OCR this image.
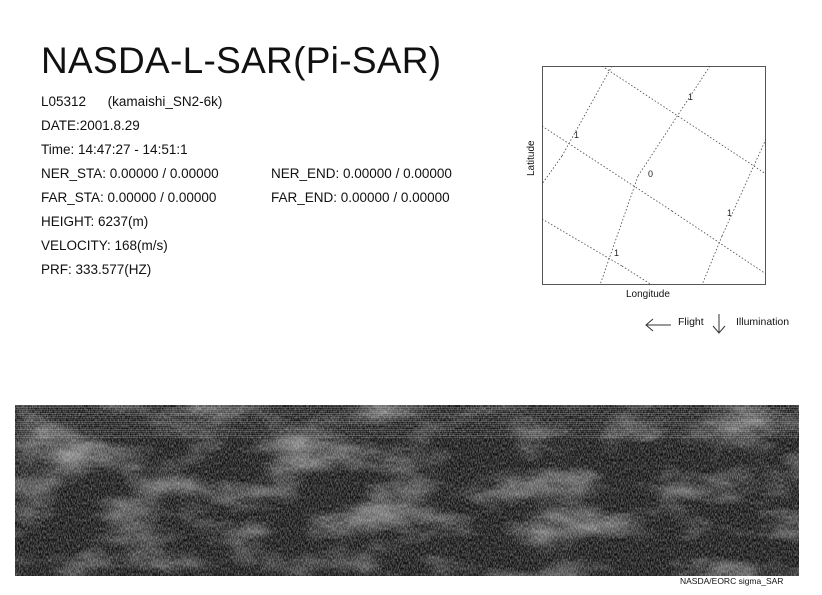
NASDA-L-SAR(Pi-SAR)
L05312 (kamaishi_SN2-6k)
DATE:2001.8.29
Time: 14:47:27 - 14:51:1
NER_STA: 0.00000 / 0.00000	NER_END: 0.00000 / 0.00000
FAR_STA: 0.00000 / 0.00000	FAR_END: 0.00000 / 0.00000
HEIGHT: 6237(m)
VELOCITY: 168(m/s)
PRF: 333.577(HZ)
1
1
0
1
1
Latitude
Longitude
Flight	Illumination
NASDA/EORC sigma_SAR
